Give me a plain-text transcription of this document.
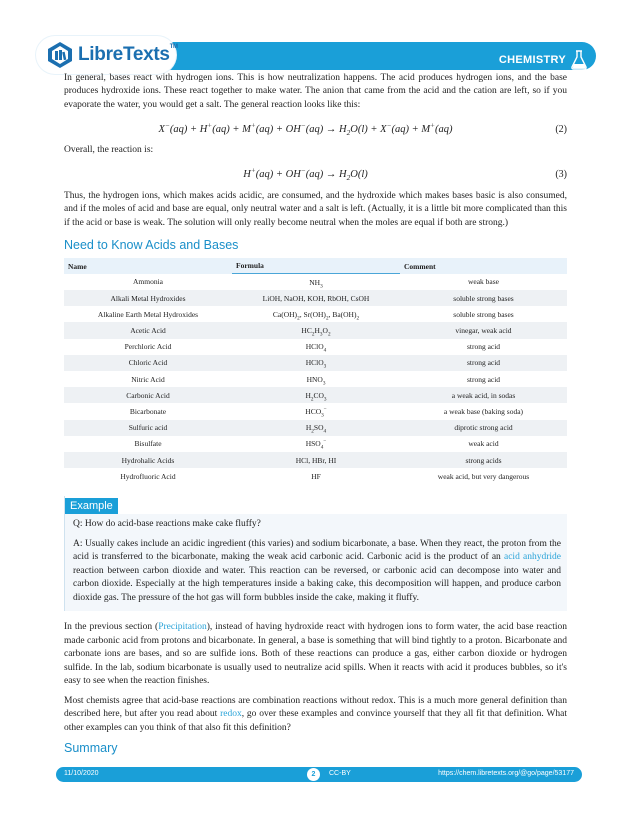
CHEMISTRY
LibreTexts™

In general, bases react with hydrogen ions. This is how neutralization happens. The acid produces hydrogen ions, and the base produces hydroxide ions. These react together to make water. The anion that came from the acid and the cation are left, so if you evaporate the water, you would get a salt. The general reaction looks like this:

$X^-(aq) + H^+(aq) + M^+(aq) + OH^-(aq) \to H_2O(l) + X^-(aq) + M^+(aq)$	(2)

Overall, the reaction is:

$H^+(aq) + OH^-(aq) \to H_2O(l)$	(3)

Thus, the hydrogen ions, which makes acids acidic, are consumed, and the hydroxide which makes bases basic is also consumed, and if the moles of acid and base are equal, only neutral water and a salt is left. (Actually, it is a little bit more complicated than this if the acid or base is weak. The solution will only really become neutral when the moles are equal if both are strong.)

Need to Know Acids and Bases
Name	Formula	Comment
Ammonia	$NH_3$	weak base
Alkali Metal Hydroxides	LiOH, NaOH, KOH, RbOH, CsOH	soluble strong bases
Alkaline Earth Metal Hydroxides	$Ca(OH)_2$, $Sr(OH)_2$, $Ba(OH)_2$	soluble strong bases
Acetic Acid	$HC_2H_3O_2$	vinegar, weak acid
Perchloric Acid	HClO$_4$	strong acid
Chloric Acid	HClO$_3$	strong acid
Nitric Acid	$HNO_3$	strong acid
Carbonic Acid	$H_2CO_3$	a weak acid, in sodas
Bicarbonate	$HCO_3^-$	a weak base (baking soda)
Sulfuric acid	$H_2SO_4$	diprotic strong acid
Bisulfate	$HSO_4^-$	weak acid
Hydrohalic Acids	HCl, HBr, HI	strong acids
Hydrofluoric Acid	HF	weak acid, but very dangerous
Example

Q: How do acid-base reactions make cake fluffy?

A: Usually cakes include an acidic ingredient (this varies) and sodium bicarbonate, a base. When they react, the proton from the acid is transferred to the bicarbonate, making the weak acid carbonic acid. Carbonic acid is the product of an acid anhydride reaction between carbon dioxide and water. This reaction can be reversed, or carbonic acid can decompose into water and carbon dioxide. Especially at the high temperatures inside a baking cake, this decomposition will happen, and produce carbon dioxide gas. The pressure of the hot gas will form bubbles inside the cake, making it fluffy.

In the previous section (Precipitation), instead of having hydroxide react with hydrogen ions to form water, the acid base reaction made carbonic acid from protons and bicarbonate. In general, a base is something that will bind tightly to a proton. Bicarbonate and carbonate ions are bases, and so are sulfide ions. Both of these reactions can produce a gas, either carbon dioxide or hydrogen sulfide. In the lab, sodium bicarbonate is usually used to neutralize acid spills. When it reacts with acid it produces bubbles, so it's easy to see when the reaction finishes.

Most chemists agree that acid-base reactions are combination reactions without redox. This is a much more general definition than described here, but after you read about redox, go over these examples and convince yourself that they all fit that definition. What other examples can you think of that also fit this definition?

Summary
11/10/2020	2	CC-BY	https://chem.libretexts.org/@go/page/53177
